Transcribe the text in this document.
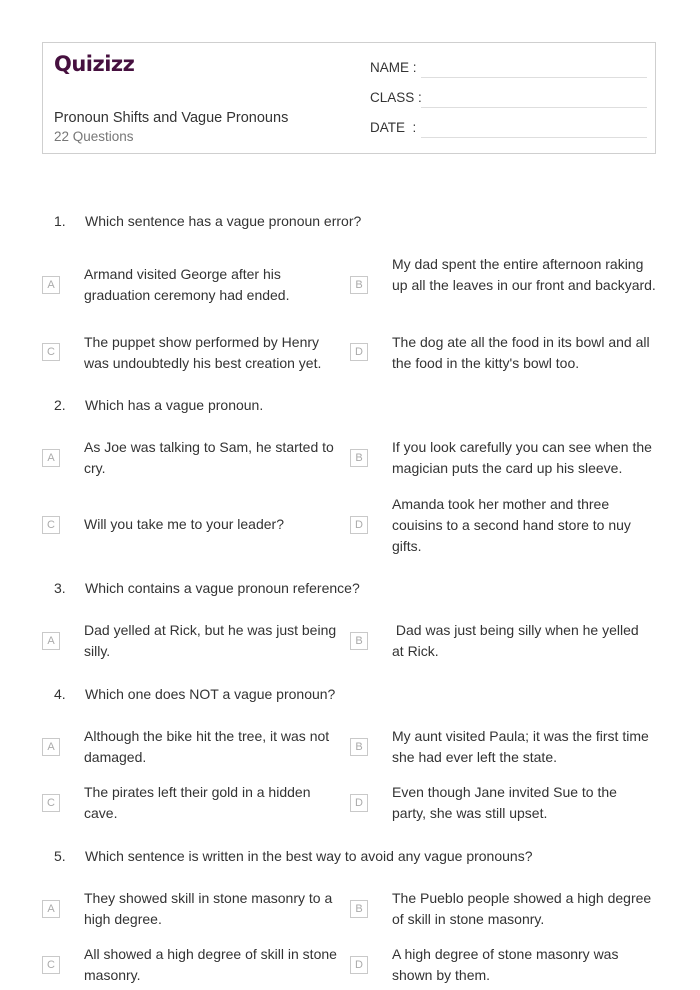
Quizizz
Pronoun Shifts and Vague Pronouns
22 Questions
NAME :
CLASS :
DATE  :
1. Which sentence has a vague pronoun error?
A
Armand visited George after his graduation ceremony had ended.
B
My dad spent the entire afternoon raking up all the leaves in our front and backyard.
C
The puppet show performed by Henry was undoubtedly his best creation yet.
D
The dog ate all the food in its bowl and all the food in the kitty's bowl too.
2. Which has a vague pronoun.
A
As Joe was talking to Sam, he started to cry.
B
If you look carefully you can see when the magician puts the card up his sleeve.
C	Will you take me to your leader?	D
Amanda took her mother and three couisins to a second hand store to nuy gifts.
3. Which contains a vague pronoun reference?
A
Dad yelled at Rick, but he was just being silly.
B
Dad was just being silly when he yelled at Rick.
4. Which one does NOT a vague pronoun?
A
Although the bike hit the tree, it was not damaged.
B
My aunt visited Paula; it was the first time she had ever left the state.
C
The pirates left their gold in a hidden cave.
D
Even though Jane invited Sue to the party, she was still upset.
5. Which sentence is written in the best way to avoid any vague pronouns?
A
They showed skill in stone masonry to a high degree.
B
The Pueblo people showed a high degree of skill in stone masonry.
C
All showed a high degree of skill in stone masonry.
D
A high degree of stone masonry was shown by them.
